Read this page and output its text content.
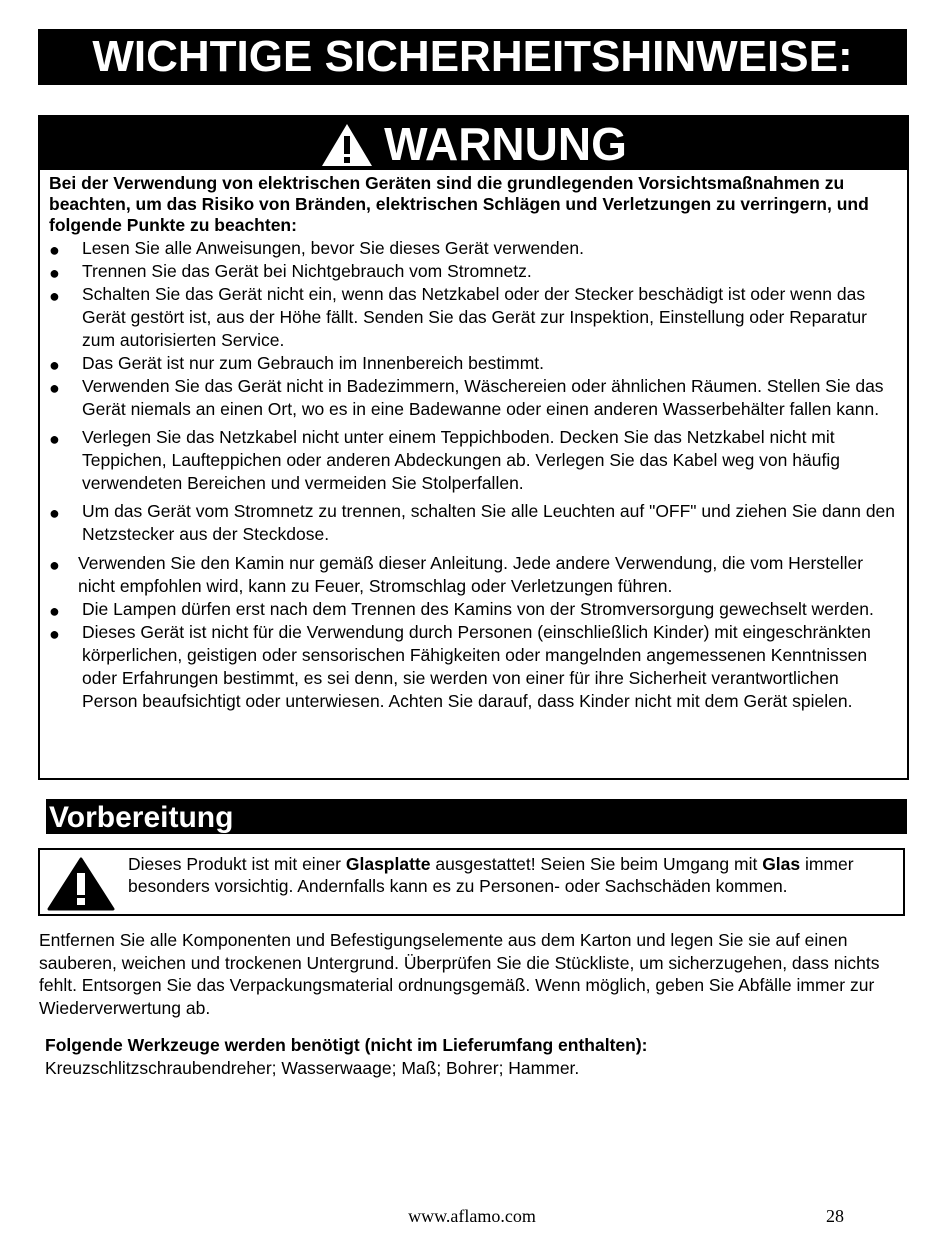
WICHTIGE SICHERHEITSHINWEISE:
WARNUNG
Bei der Verwendung von elektrischen Geräten sind die grundlegenden Vorsichtsmaßnahmen zu beachten, um das Risiko von Bränden, elektrischen Schlägen und Verletzungen zu verringern, und folgende Punkte zu beachten:
● Lesen Sie alle Anweisungen, bevor Sie dieses Gerät verwenden.
● Trennen Sie das Gerät bei Nichtgebrauch vom Stromnetz.
● Schalten Sie das Gerät nicht ein, wenn das Netzkabel oder der Stecker beschädigt ist oder wenn das Gerät gestört ist, aus der Höhe fällt. Senden Sie das Gerät zur Inspektion, Einstellung oder Reparatur zum autorisierten Service.
● Das Gerät ist nur zum Gebrauch im Innenbereich bestimmt.
● Verwenden Sie das Gerät nicht in Badezimmern, Wäschereien oder ähnlichen Räumen. Stellen Sie das Gerät niemals an einen Ort, wo es in eine Badewanne oder einen anderen Wasserbehälter fallen kann.
● Verlegen Sie das Netzkabel nicht unter einem Teppichboden. Decken Sie das Netzkabel nicht mit Teppichen, Laufteppichen oder anderen Abdeckungen ab. Verlegen Sie das Kabel weg von häufig verwendeten Bereichen und vermeiden Sie Stolperfallen.
● Um das Gerät vom Stromnetz zu trennen, schalten Sie alle Leuchten auf "OFF" und ziehen Sie dann den Netzstecker aus der Steckdose.
● Verwenden Sie den Kamin nur gemäß dieser Anleitung. Jede andere Verwendung, die vom Hersteller nicht empfohlen wird, kann zu Feuer, Stromschlag oder Verletzungen führen.
● Die Lampen dürfen erst nach dem Trennen des Kamins von der Stromversorgung gewechselt werden.
● Dieses Gerät ist nicht für die Verwendung durch Personen (einschließlich Kinder) mit eingeschränkten körperlichen, geistigen oder sensorischen Fähigkeiten oder mangelnden angemessenen Kenntnissen oder Erfahrungen bestimmt, es sei denn, sie werden von einer für ihre Sicherheit verantwortlichen Person beaufsichtigt oder unterwiesen. Achten Sie darauf, dass Kinder nicht mit dem Gerät spielen.
Vorbereitung
Dieses Produkt ist mit einer Glasplatte ausgestattet! Seien Sie beim Umgang mit Glas immer besonders vorsichtig. Andernfalls kann es zu Personen- oder Sachschäden kommen.
Entfernen Sie alle Komponenten und Befestigungselemente aus dem Karton und legen Sie sie auf einen sauberen, weichen und trockenen Untergrund. Überprüfen Sie die Stückliste, um sicherzugehen, dass nichts fehlt. Entsorgen Sie das Verpackungsmaterial ordnungsgemäß. Wenn möglich, geben Sie Abfälle immer zur Wiederverwertung ab.
Folgende Werkzeuge werden benötigt (nicht im Lieferumfang enthalten):
Kreuzschlitzschraubendreher; Wasserwaage; Maß; Bohrer; Hammer.
www.aflamo.com	28
